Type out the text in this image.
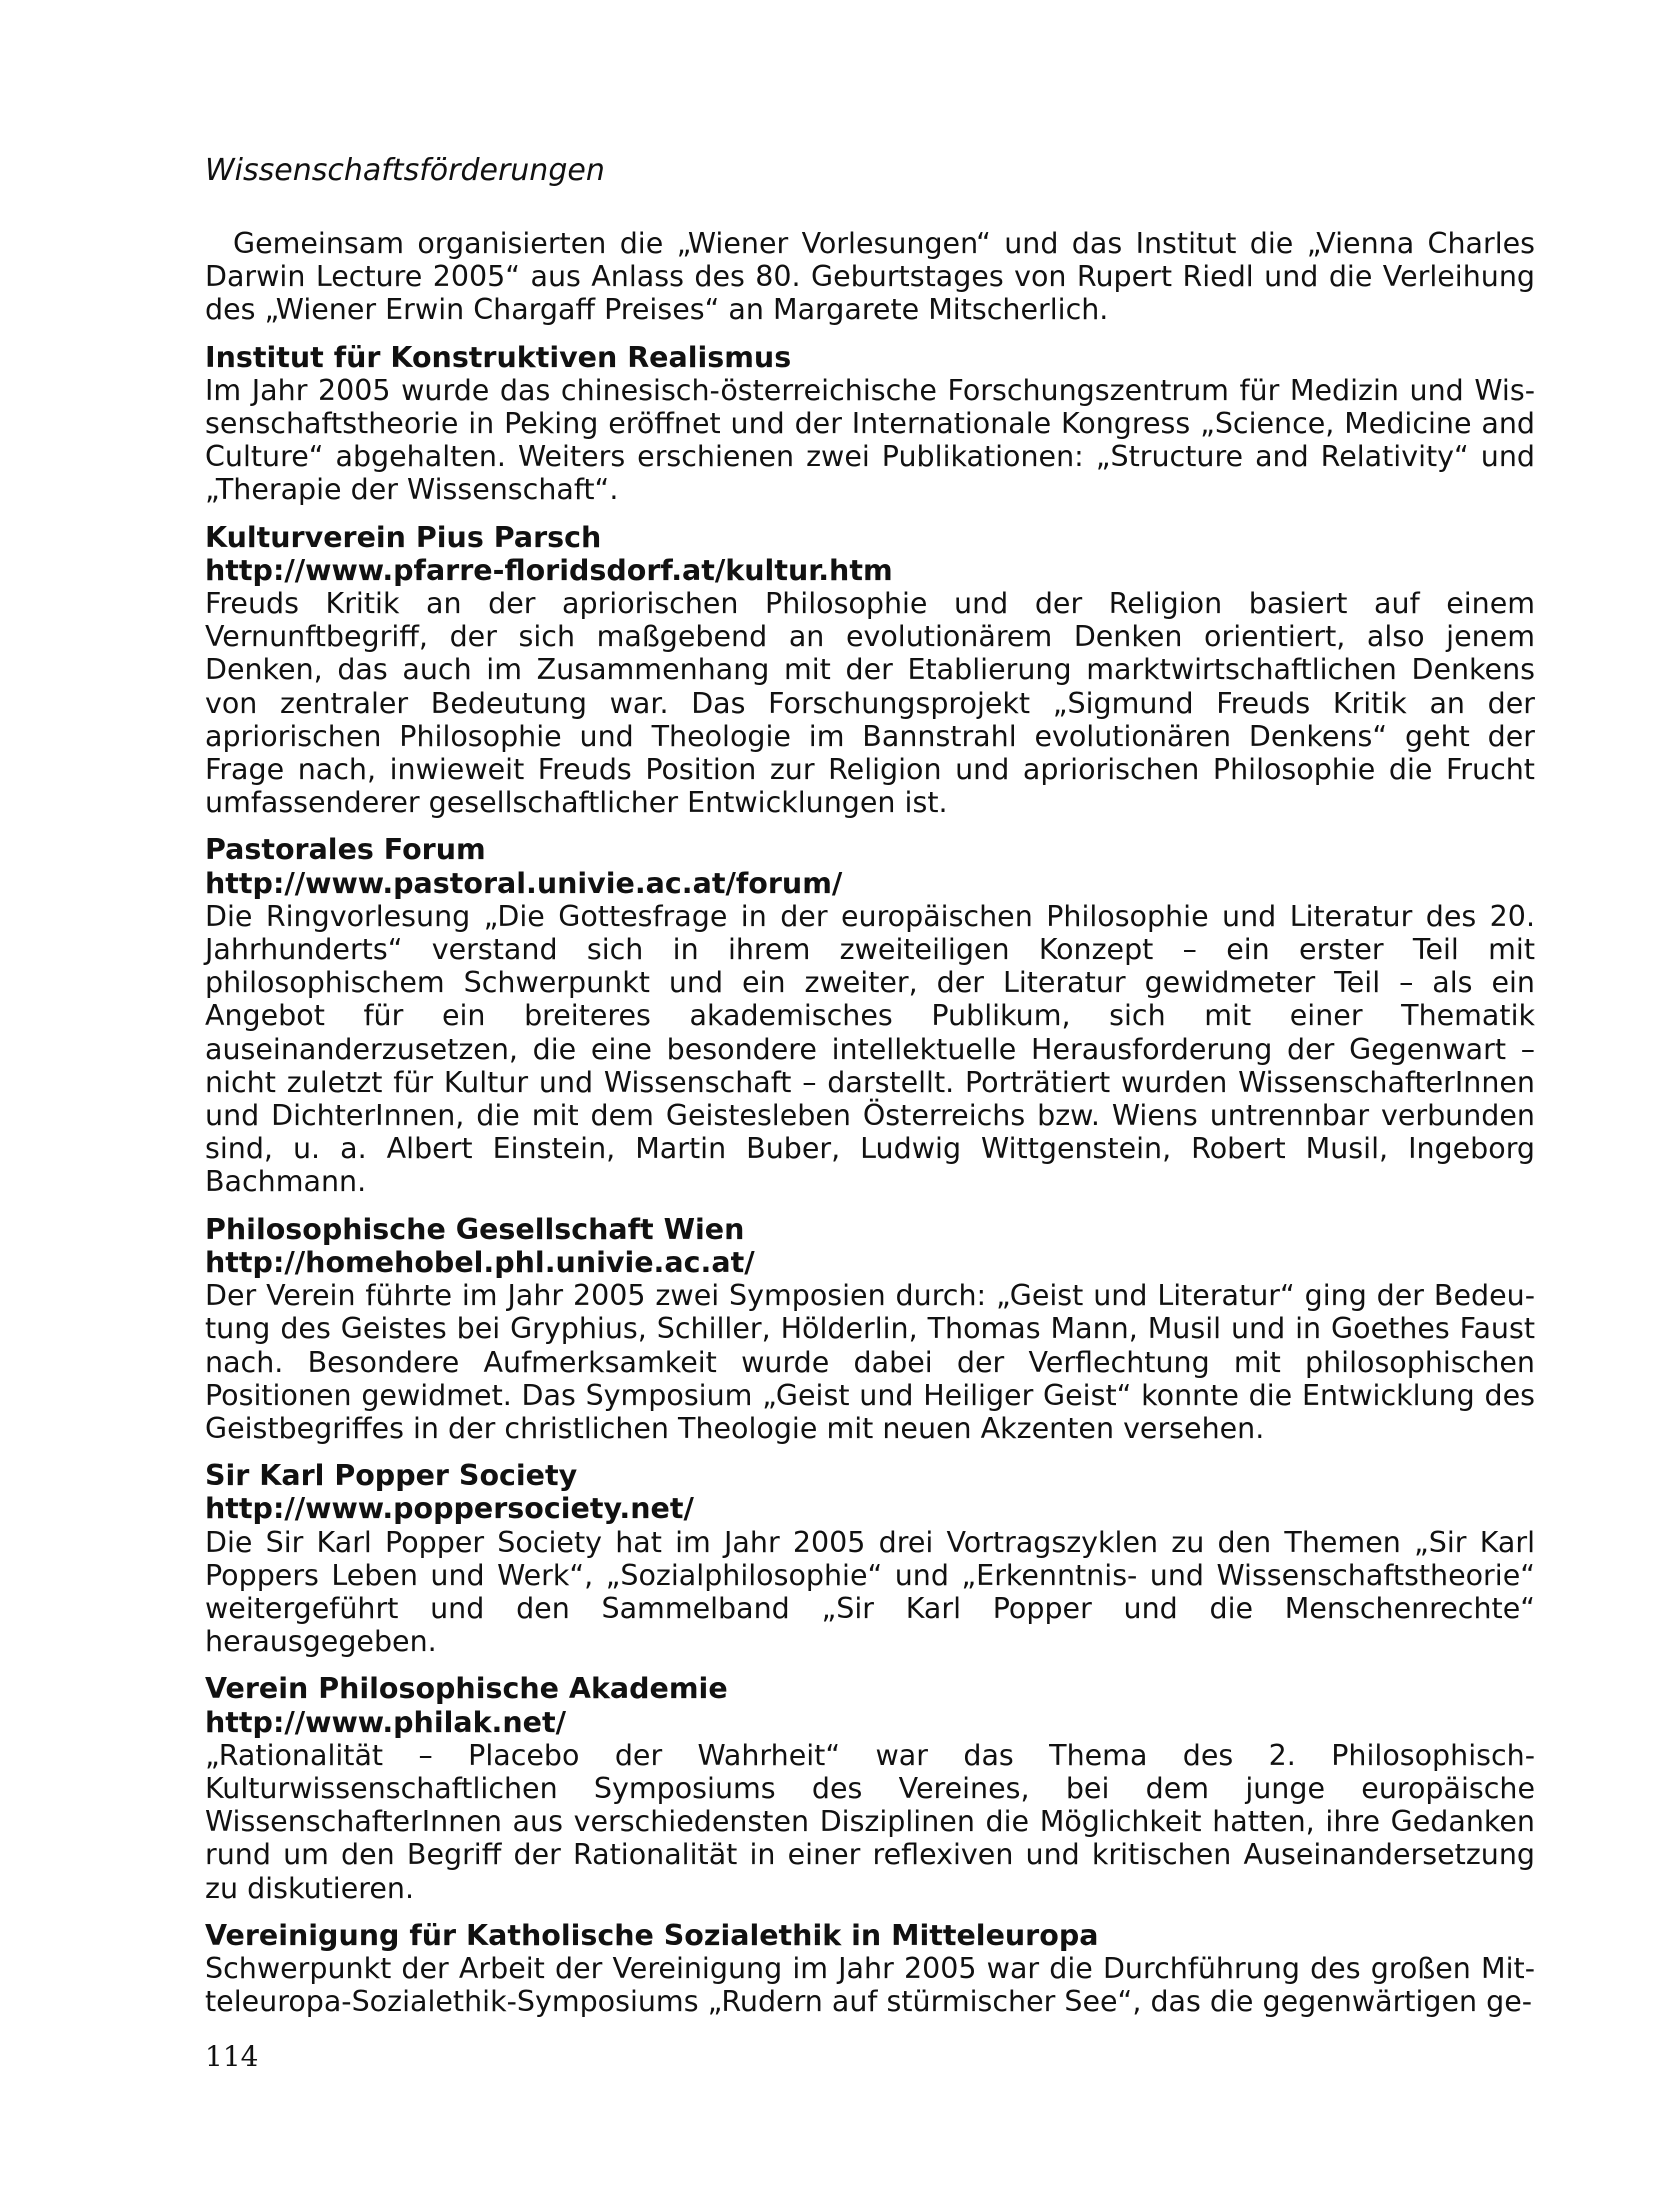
Wissenschaftsförderungen

Gemeinsam organisierten die „Wiener Vorlesungen“ und das Institut die „Vienna Charles Darwin Lecture 2005“ aus Anlass des 80. Geburtstages von Rupert Riedl und die Verleihung des „Wiener Erwin Chargaff Preises“ an Margarete Mitscherlich.

Institut für Konstruktiven Realismus

Im Jahr 2005 wurde das chinesisch-österreichische Forschungszentrum für Medizin und Wissenschaftstheorie in Peking eröffnet und der Internationale Kongress „Science, Medicine and Culture“ abgehalten. Weiters erschienen zwei Publikationen: „Structure and Relativity“ und „Therapie der Wissenschaft“.

Kulturverein Pius Parsch
http://www.pfarre-floridsdorf.at/kultur.htm

Freuds Kritik an der apriorischen Philosophie und der Religion basiert auf einem Vernunftbegriff, der sich maßgebend an evolutionärem Denken orientiert, also jenem Denken, das auch im Zusammenhang mit der Etablierung marktwirtschaftlichen Denkens von zentraler Bedeutung war. Das Forschungsprojekt „Sigmund Freuds Kritik an der apriorischen Philosophie und Theologie im Bannstrahl evolutionären Denkens“ geht der Frage nach, inwieweit Freuds Position zur Religion und apriorischen Philosophie die Frucht umfassenderer gesellschaftlicher Entwicklungen ist.

Pastorales Forum
http://www.pastoral.univie.ac.at/forum/

Die Ringvorlesung „Die Gottesfrage in der europäischen Philosophie und Literatur des 20. Jahrhunderts“ verstand sich in ihrem zweiteiligen Konzept – ein erster Teil mit philosophischem Schwerpunkt und ein zweiter, der Literatur gewidmeter Teil – als ein Angebot für ein breiteres akademisches Publikum, sich mit einer Thematik auseinanderzusetzen, die eine besondere intellektuelle Herausforderung der Gegenwart – nicht zuletzt für Kultur und Wissenschaft – darstellt. Porträtiert wurden WissenschafterInnen und DichterInnen, die mit dem Geistesleben Österreichs bzw. Wiens untrennbar verbunden sind, u. a. Albert Einstein, Martin Buber, Ludwig Wittgenstein, Robert Musil, Ingeborg Bachmann.

Philosophische Gesellschaft Wien
http://homehobel.phl.univie.ac.at/

Der Verein führte im Jahr 2005 zwei Symposien durch: „Geist und Literatur“ ging der Bedeutung des Geistes bei Gryphius, Schiller, Hölderlin, Thomas Mann, Musil und in Goethes Faust nach. Besondere Aufmerksamkeit wurde dabei der Verflechtung mit philosophischen Positionen gewidmet. Das Symposium „Geist und Heiliger Geist“ konnte die Entwicklung des Geistbegriffes in der christlichen Theologie mit neuen Akzenten versehen.

Sir Karl Popper Society
http://www.poppersociety.net/

Die Sir Karl Popper Society hat im Jahr 2005 drei Vortragszyklen zu den Themen „Sir Karl Poppers Leben und Werk“, „Sozialphilosophie“ und „Erkenntnis- und Wissenschaftstheorie“ weitergeführt und den Sammelband „Sir Karl Popper und die Menschenrechte“ herausgegeben.

Verein Philosophische Akademie
http://www.philak.net/

„Rationalität – Placebo der Wahrheit“ war das Thema des 2. Philosophisch-Kulturwissenschaftlichen Symposiums des Vereines, bei dem junge europäische WissenschafterInnen aus verschiedensten Disziplinen die Möglichkeit hatten, ihre Gedanken rund um den Begriff der Rationalität in einer reflexiven und kritischen Auseinandersetzung zu diskutieren.

Vereinigung für Katholische Sozialethik in Mitteleuropa

Schwerpunkt der Arbeit der Vereinigung im Jahr 2005 war die Durchführung des großen Mitteleuropa-Sozialethik-Symposiums „Rudern auf stürmischer See“, das die gegenwärtigen ge-

114
